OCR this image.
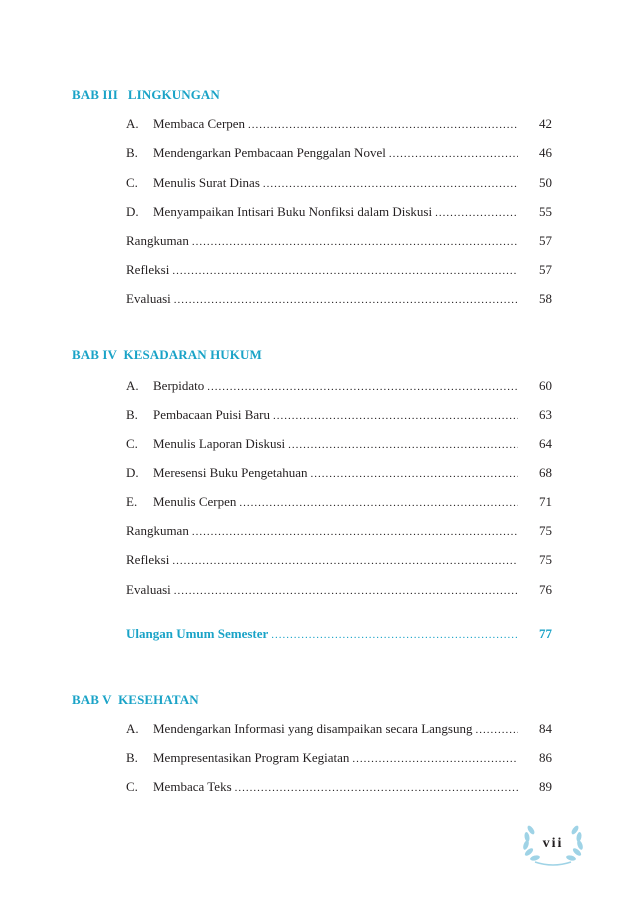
BAB III   LINGKUNGAN
A.	Membaca Cerpen .....	42
B.	Mendengarkan Pembacaan Penggalan Novel .....	46
C.	Menulis Surat Dinas .....	50
D.	Menyampaikan Intisari Buku Nonfiksi dalam Diskusi .....	55
Rangkuman .....	57
Refleksi .....	57
Evaluasi .....	58
BAB IV  KESADARAN HUKUM
A.	Berpidato .....	60
B.	Pembacaan Puisi Baru .....	63
C.	Menulis Laporan Diskusi .....	64
D.	Meresensi Buku Pengetahuan .....	68
E.	Menulis Cerpen .....	71
Rangkuman .....	75
Refleksi .....	75
Evaluasi .....	76
Ulangan Umum Semester .....	77
BAB V  KESEHATAN
A.	Mendengarkan Informasi yang disampaikan secara Langsung .....	84
B.	Mempresentasikan Program Kegiatan .....	86
C.	Membaca Teks .....	89
vii
